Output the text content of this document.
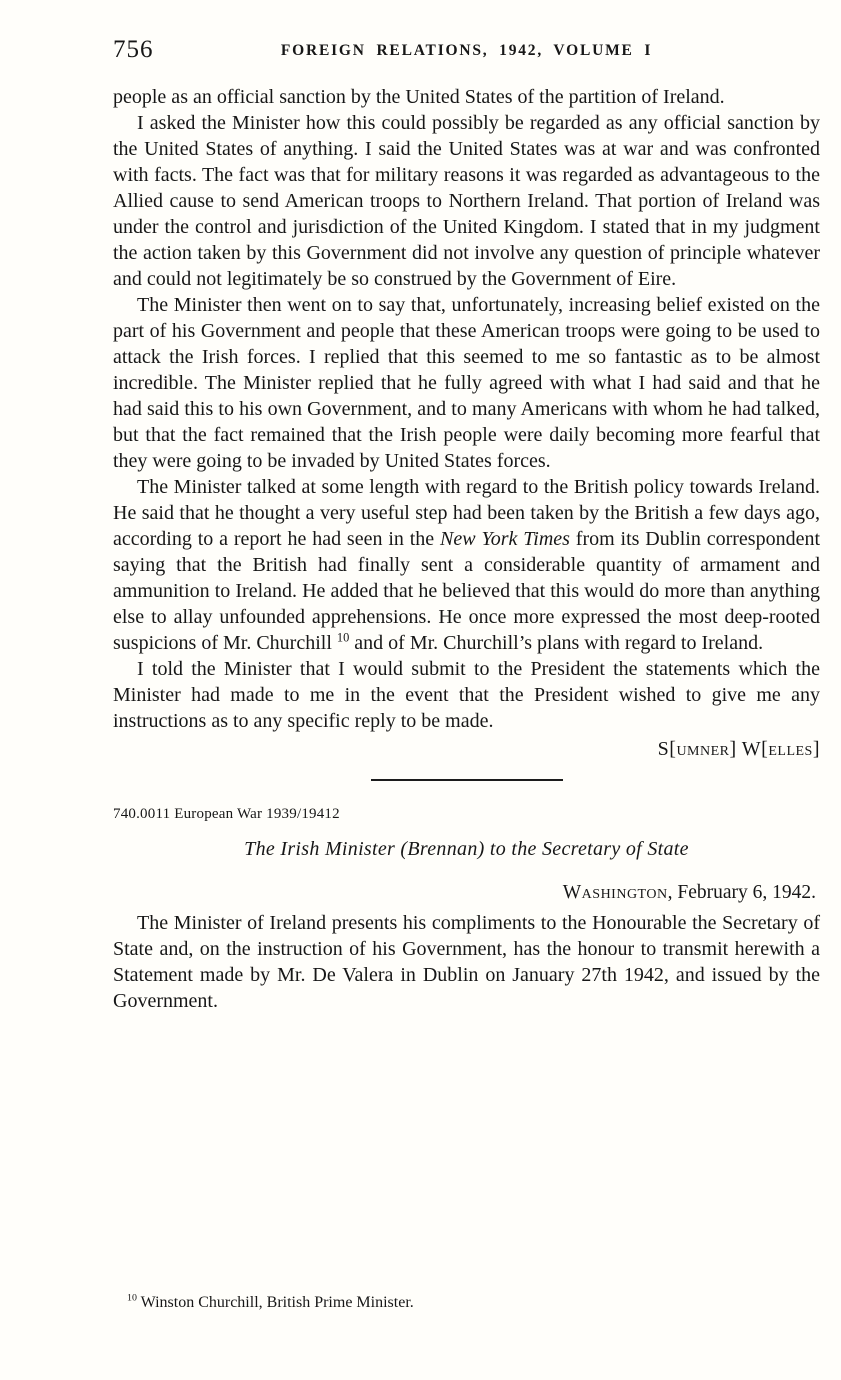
756	FOREIGN RELATIONS, 1942, VOLUME I

people as an official sanction by the United States of the partition of Ireland.

I asked the Minister how this could possibly be regarded as any official sanction by the United States of anything. I said the United States was at war and was confronted with facts. The fact was that for military reasons it was regarded as advantageous to the Allied cause to send American troops to Northern Ireland. That portion of Ireland was under the control and jurisdiction of the United Kingdom. I stated that in my judgment the action taken by this Government did not involve any question of principle whatever and could not legitimately be so construed by the Government of Eire.

The Minister then went on to say that, unfortunately, increasing belief existed on the part of his Government and people that these American troops were going to be used to attack the Irish forces. I replied that this seemed to me so fantastic as to be almost incredible. The Minister replied that he fully agreed with what I had said and that he had said this to his own Government, and to many Americans with whom he had talked, but that the fact remained that the Irish people were daily becoming more fearful that they were going to be invaded by United States forces.

The Minister talked at some length with regard to the British policy towards Ireland. He said that he thought a very useful step had been taken by the British a few days ago, according to a report he had seen in the New York Times from its Dublin correspondent saying that the British had finally sent a considerable quantity of armament and ammunition to Ireland. He added that he believed that this would do more than anything else to allay unfounded apprehensions. He once more expressed the most deep-rooted suspicions of Mr. Churchill $^{10}$ and of Mr. Churchill’s plans with regard to Ireland.

I told the Minister that I would submit to the President the statements which the Minister had made to me in the event that the President wished to give me any instructions as to any specific reply to be made.

S[umner] W[elles]

740.0011 European War 1939/19412

The Irish Minister (Brennan) to the Secretary of State

Washington, February 6, 1942.

The Minister of Ireland presents his compliments to the Honourable the Secretary of State and, on the instruction of his Government, has the honour to transmit herewith a Statement made by Mr. De Valera in Dublin on January 27th 1942, and issued by the Government.

$^{10}$ Winston Churchill, British Prime Minister.
